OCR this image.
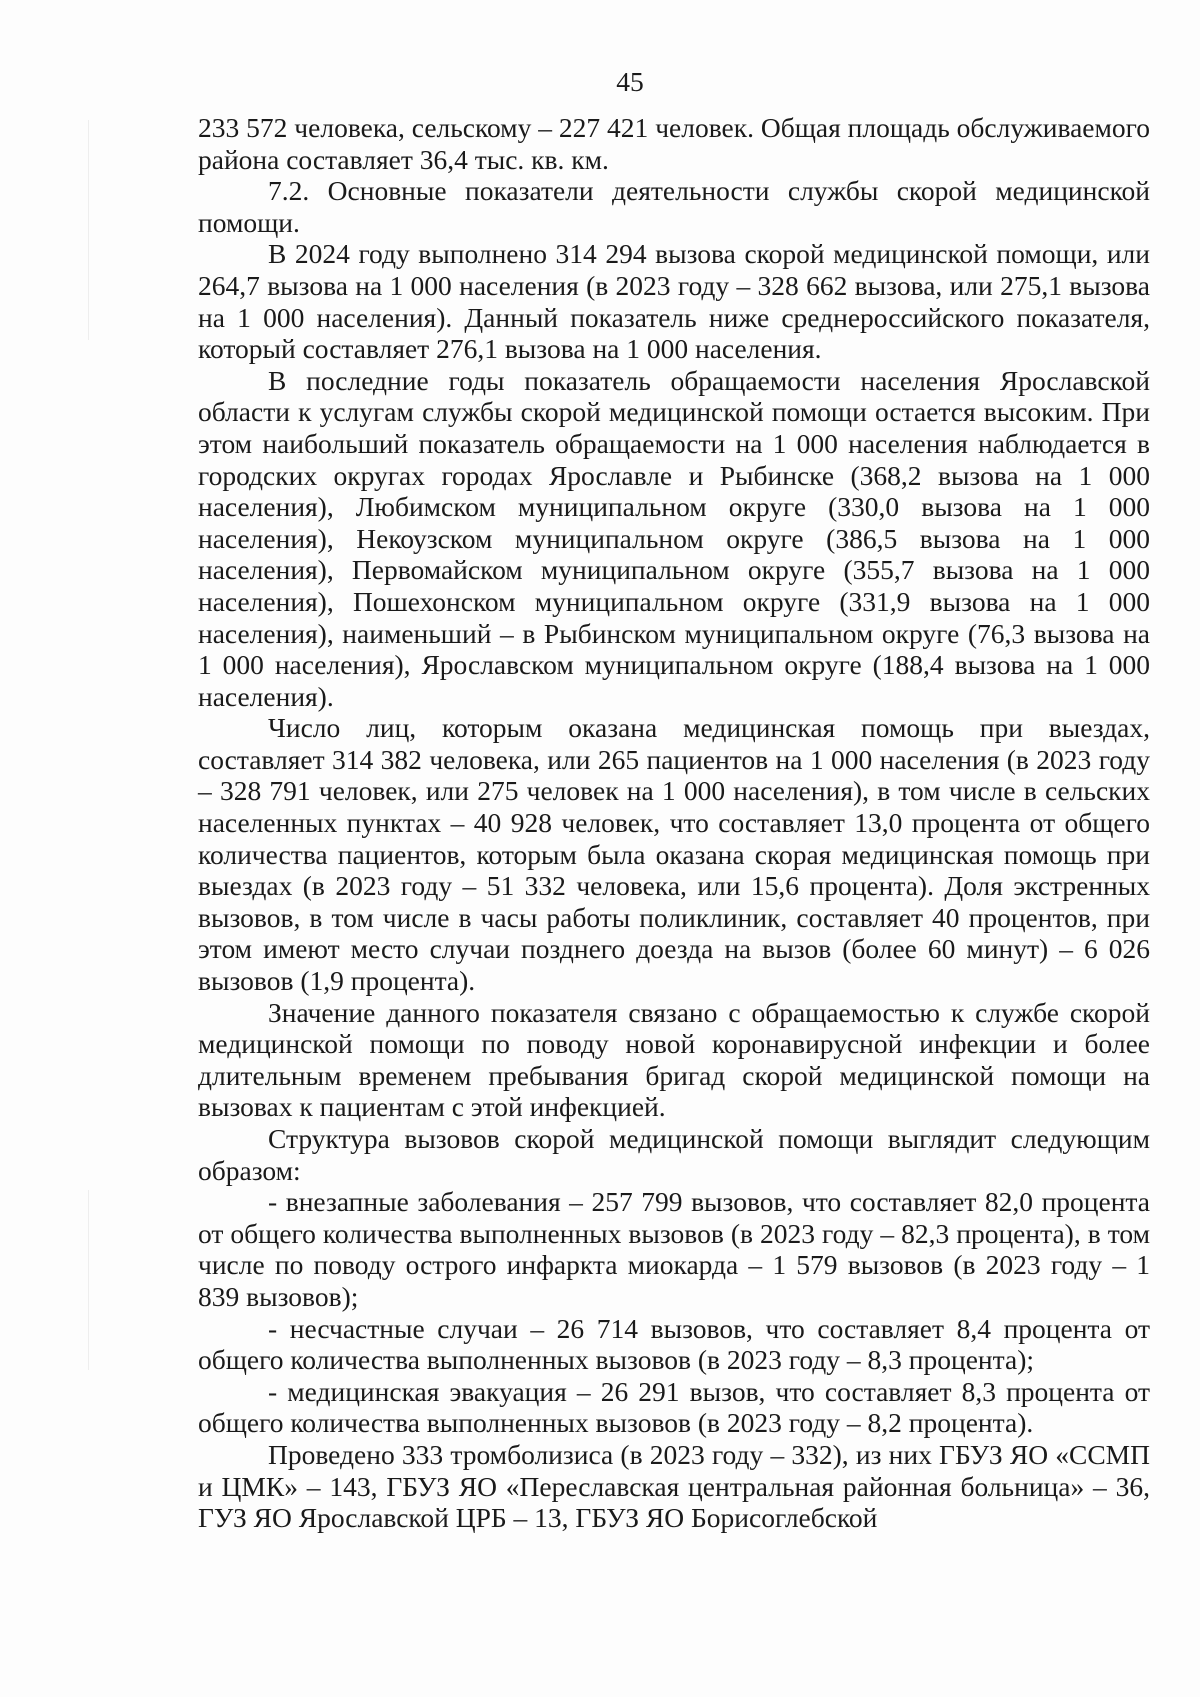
45

233 572 человека, сельскому – 227 421 человек. Общая площадь обслуживаемого района составляет 36,4 тыс. кв. км.

7.2. Основные показатели деятельности службы скорой медицинской помощи.

В 2024 году выполнено 314 294 вызова скорой медицинской помощи, или 264,7 вызова на 1 000 населения (в 2023 году – 328 662 вызова, или 275,1 вызова на 1 000 населения). Данный показатель ниже среднероссийского показателя, который составляет 276,1 вызова на 1 000 населения.

В последние годы показатель обращаемости населения Ярославской области к услугам службы скорой медицинской помощи остается высоким. При этом наибольший показатель обращаемости на 1 000 населения наблюдается в городских округах городах Ярославле и Рыбинске (368,2 вызова на 1 000 населения), Любимском муниципальном округе (330,0 вызова на 1 000 населения), Некоузском муниципальном округе (386,5 вызова на 1 000 населения), Первомайском муниципальном округе (355,7 вызова на 1 000 населения), Пошехонском муниципальном округе (331,9 вызова на 1 000 населения), наименьший – в Рыбинском муниципальном округе (76,3 вызова на 1 000 населения), Ярославском муниципальном округе (188,4 вызова на 1 000 населения).

Число лиц, которым оказана медицинская помощь при выездах, составляет 314 382 человека, или 265 пациентов на 1 000 населения (в 2023 году – 328 791 человек, или 275 человек на 1 000 населения), в том числе в сельских населенных пунктах – 40 928 человек, что составляет 13,0 процента от общего количества пациентов, которым была оказана скорая медицинская помощь при выездах (в 2023 году – 51 332 человека, или 15,6 процента). Доля экстренных вызовов, в том числе в часы работы поликлиник, составляет 40 процентов, при этом имеют место случаи позднего доезда на вызов (более 60 минут) – 6 026 вызовов (1,9 процента).

Значение данного показателя связано с обращаемостью к службе скорой медицинской помощи по поводу новой коронавирусной инфекции и более длительным временем пребывания бригад скорой медицинской помощи на вызовах к пациентам с этой инфекцией.

Структура вызовов скорой медицинской помощи выглядит следующим образом:

- внезапные заболевания – 257 799 вызовов, что составляет 82,0 процента от общего количества выполненных вызовов (в 2023 году – 82,3 процента), в том числе по поводу острого инфаркта миокарда – 1 579 вызовов (в 2023 году – 1 839 вызовов);

- несчастные случаи – 26 714 вызовов, что составляет 8,4 процента от общего количества выполненных вызовов (в 2023 году – 8,3 процента);

- медицинская эвакуация – 26 291 вызов, что составляет 8,3 процента от общего количества выполненных вызовов (в 2023 году – 8,2 процента).

Проведено 333 тромболизиса (в 2023 году – 332), из них ГБУЗ ЯО «ССМП и ЦМК» – 143, ГБУЗ ЯО «Переславская центральная районная больница» – 36, ГУЗ ЯО Ярославской ЦРБ – 13, ГБУЗ ЯО Борисоглебской
